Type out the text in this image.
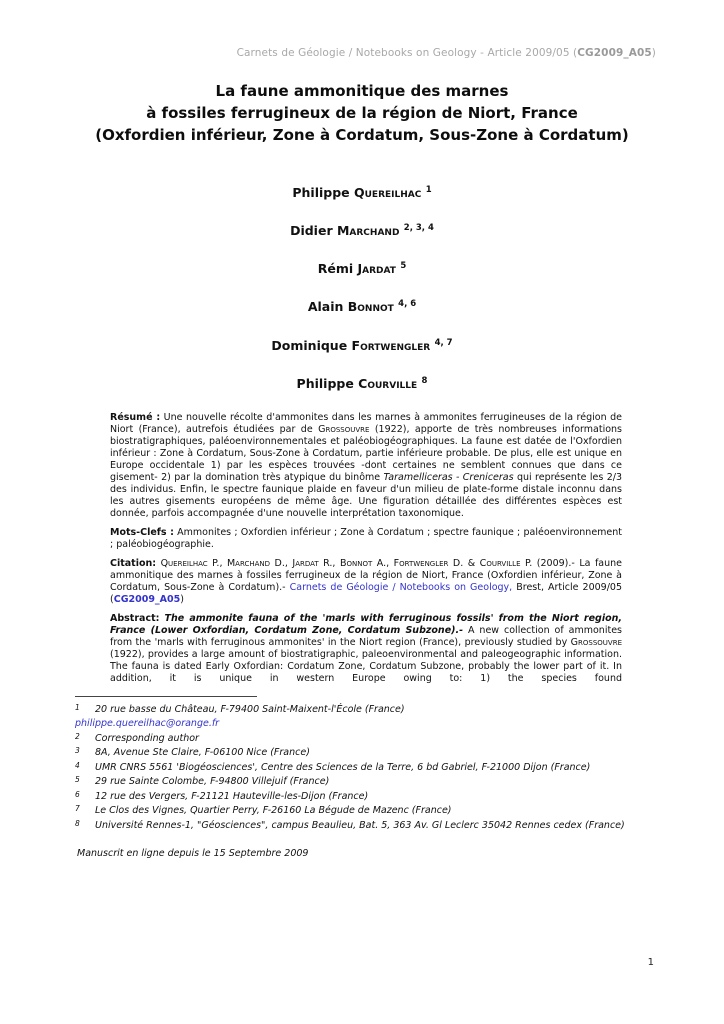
Carnets de Géologie / Notebooks on Geology - Article 2009/05 (CG2009_A05)
La faune ammonitique des marnes
à fossiles ferrugineux de la région de Niort, France
(Oxfordien inférieur, Zone à Cordatum, Sous-Zone à Cordatum)
Philippe Quereilhac $^1$
Didier Marchand $^{2, 3, 4}$
Rémi Jardat $^5$
Alain Bonnot $^{4, 6}$
Dominique Fortwengler $^{4, 7}$
Philippe Courville $^8$

Résumé : Une nouvelle récolte d'ammonites dans les marnes à ammonites ferrugineuses de la région de Niort (France), autrefois étudiées par de Grossouvre (1922), apporte de très nombreuses informations biostratigraphiques, paléoenvironnementales et paléobiogéographiques. La faune est datée de l'Oxfordien inférieur : Zone à Cordatum, Sous-Zone à Cordatum, partie inférieure probable. De plus, elle est unique en Europe occidentale 1) par les espèces trouvées -dont certaines ne semblent connues que dans ce gisement- 2) par la domination très atypique du binôme Taramelliceras - Creniceras qui représente les 2/3 des individus. Enfin, le spectre faunique plaide en faveur d'un milieu de plate-forme distale inconnu dans les autres gisements européens de même âge. Une figuration détaillée des différentes espèces est donnée, parfois accompagnée d'une nouvelle interprétation taxonomique.

Mots-Clefs : Ammonites ; Oxfordien inférieur ; Zone à Cordatum ; spectre faunique ; paléoenvironnement ; paléobiogéographie.

Citation: Quereilhac P., Marchand D., Jardat R., Bonnot A., Fortwengler D. & Courville P. (2009).- La faune ammonitique des marnes à fossiles ferrugineux de la région de Niort, France (Oxfordien inférieur, Zone à Cordatum, Sous-Zone à Cordatum).- Carnets de Géologie / Notebooks on Geology, Brest, Article 2009/05 (CG2009_A05)

Abstract: The ammonite fauna of the 'marls with ferruginous fossils' from the Niort region, France (Lower Oxfordian, Cordatum Zone, Cordatum Subzone).- A new collection of ammonites from the 'marls with ferruginous ammonites' in the Niort region (France), previously studied by Grossouvre (1922), provides a large amount of biostratigraphic, paleoenvironmental and paleogeographic information. The fauna is dated Early Oxfordian: Cordatum Zone, Cordatum Subzone, probably the lower part of it. In addition, it is unique in western Europe owing to: 1) the species found

1	20 rue basse du Château, F-79400 Saint-Maixent-l'École (France)
philippe.quereilhac@orange.fr
2	Corresponding author
3	8A, Avenue Ste Claire, F-06100 Nice (France)
4	UMR CNRS 5561 'Biogéosciences', Centre des Sciences de la Terre, 6 bd Gabriel, F-21000 Dijon (France)
5	29 rue Sainte Colombe, F-94800 Villejuif (France)
6	12 rue des Vergers, F-21121 Hauteville-les-Dijon (France)
7	Le Clos des Vignes, Quartier Perry, F-26160 La Bégude de Mazenc (France)
8	Université Rennes-1, "Géosciences", campus Beaulieu, Bat. 5, 363 Av. Gl Leclerc 35042 Rennes cedex (France)
Manuscrit en ligne depuis le 15 Septembre 2009
1
